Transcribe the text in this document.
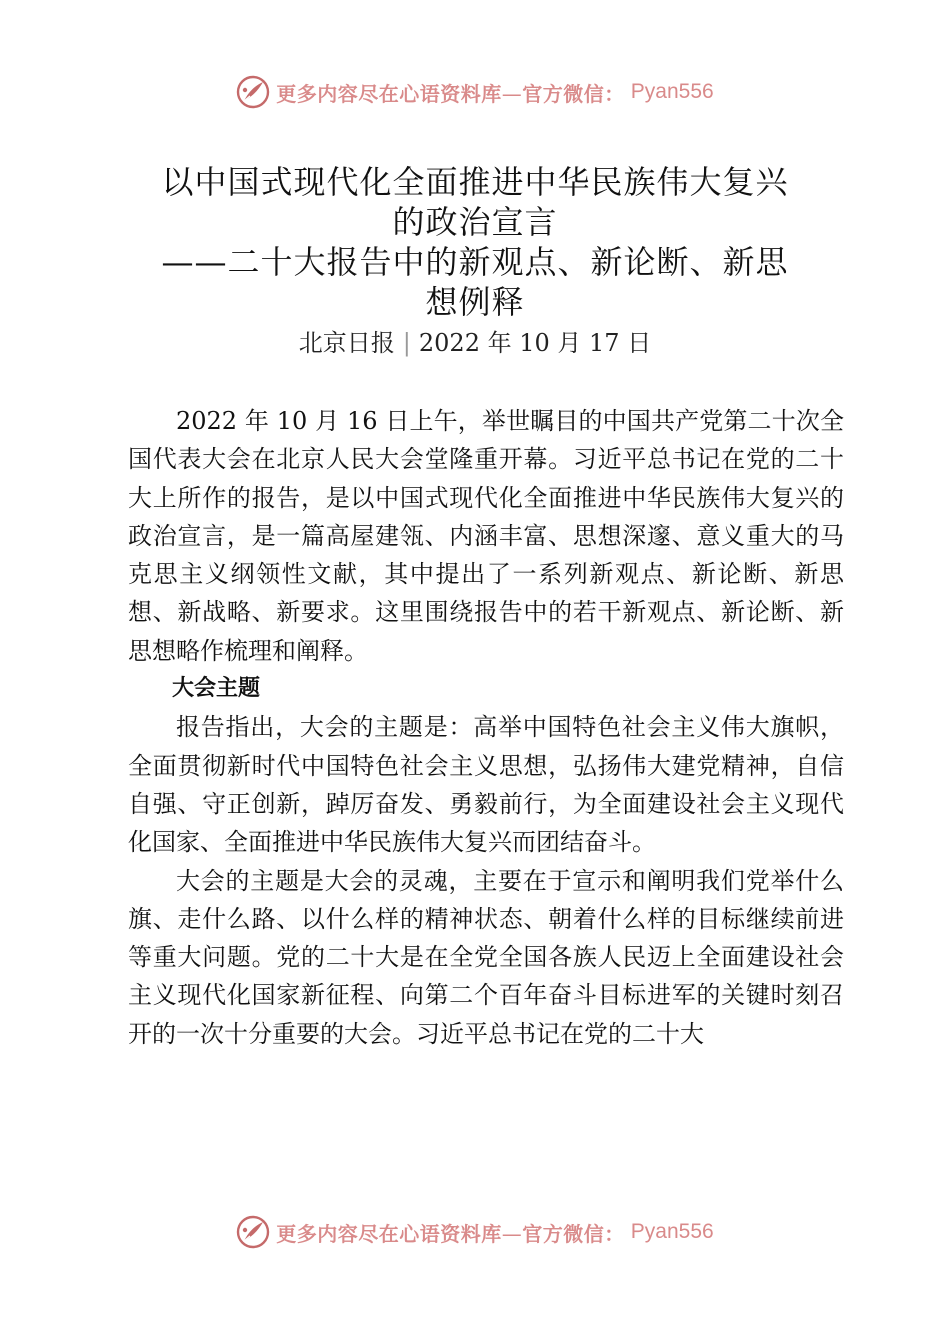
更多内容尽在心语资料库—官方微信： Pyan556
以中国式现代化全面推进中华民族伟大复兴
的政治宣言
——二十大报告中的新观点、新论断、新思
想例释
北京日报 | 2022 年 10 月 17 日

2022 年 10 月 16 日上午，举世瞩目的中国共产党第二十次全国代表大会在北京人民大会堂隆重开幕。习近平总书记在党的二十大上所作的报告，是以中国式现代化全面推进中华民族伟大复兴的政治宣言，是一篇高屋建瓴、内涵丰富、思想深邃、意义重大的马克思主义纲领性文献，其中提出了一系列新观点、新论断、新思想、新战略、新要求。这里围绕报告中的若干新观点、新论断、新思想略作梳理和阐释。

大会主题

报告指出，大会的主题是：高举中国特色社会主义伟大旗帜，全面贯彻新时代中国特色社会主义思想，弘扬伟大建党精神，自信自强、守正创新，踔厉奋发、勇毅前行，为全面建设社会主义现代化国家、全面推进中华民族伟大复兴而团结奋斗。

大会的主题是大会的灵魂，主要在于宣示和阐明我们党举什么旗、走什么路、以什么样的精神状态、朝着什么样的目标继续前进等重大问题。党的二十大是在全党全国各族人民迈上全面建设社会主义现代化国家新征程、向第二个百年奋斗目标进军的关键时刻召开的一次十分重要的大会。习近平总书记在党的二十大

更多内容尽在心语资料库—官方微信： Pyan556
